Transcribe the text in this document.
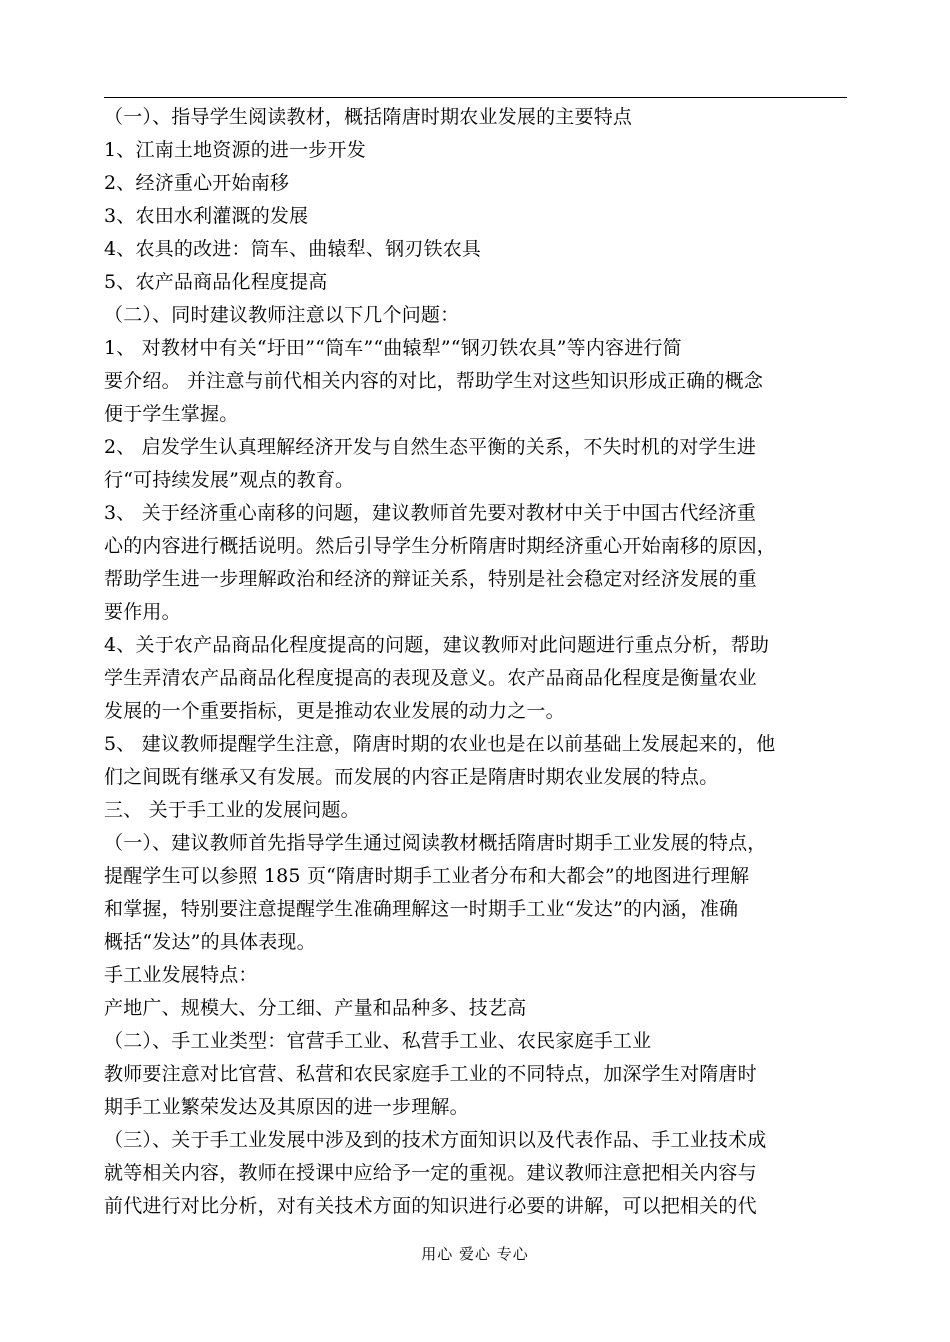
（一）、指导学生阅读教材，概括隋唐时期农业发展的主要特点

1、江南土地资源的进一步开发

2、经济重心开始南移

3、农田水利灌溉的发展

4、农具的改进：筒车、曲辕犁、钢刃铁农具

5、农产品商品化程度提高

（二）、同时建议教师注意以下几个问题：

1、 对教材中有关“圩田”“筒车”“曲辕犁”“钢刃铁农具”等内容进行简

要介绍。 并注意与前代相关内容的对比，帮助学生对这些知识形成正确的概念

便于学生掌握。

2、 启发学生认真理解经济开发与自然生态平衡的关系，不失时机的对学生进

行“可持续发展”观点的教育。

3、 关于经济重心南移的问题，建议教师首先要对教材中关于中国古代经济重

心的内容进行概括说明。然后引导学生分析隋唐时期经济重心开始南移的原因，

帮助学生进一步理解政治和经济的辩证关系，特别是社会稳定对经济发展的重

要作用。

4、关于农产品商品化程度提高的问题，建议教师对此问题进行重点分析，帮助

学生弄清农产品商品化程度提高的表现及意义。农产品商品化程度是衡量农业

发展的一个重要指标，更是推动农业发展的动力之一。

5、 建议教师提醒学生注意，隋唐时期的农业也是在以前基础上发展起来的，他

们之间既有继承又有发展。而发展的内容正是隋唐时期农业发展的特点。

三、 关于手工业的发展问题。

（一）、建议教师首先指导学生通过阅读教材概括隋唐时期手工业发展的特点，

提醒学生可以参照 185 页“隋唐时期手工业者分布和大都会”的地图进行理解

和掌握，特别要注意提醒学生准确理解这一时期手工业“发达”的内涵，准确

概括“发达”的具体表现。

手工业发展特点：

产地广、规模大、分工细、产量和品种多、技艺高

（二）、手工业类型：官营手工业、私营手工业、农民家庭手工业

教师要注意对比官营、私营和农民家庭手工业的不同特点，加深学生对隋唐时

期手工业繁荣发达及其原因的进一步理解。

（三）、关于手工业发展中涉及到的技术方面知识以及代表作品、手工业技术成

就等相关内容，教师在授课中应给予一定的重视。建议教师注意把相关内容与

前代进行对比分析，对有关技术方面的知识进行必要的讲解，可以把相关的代

用心 爱心 专心
